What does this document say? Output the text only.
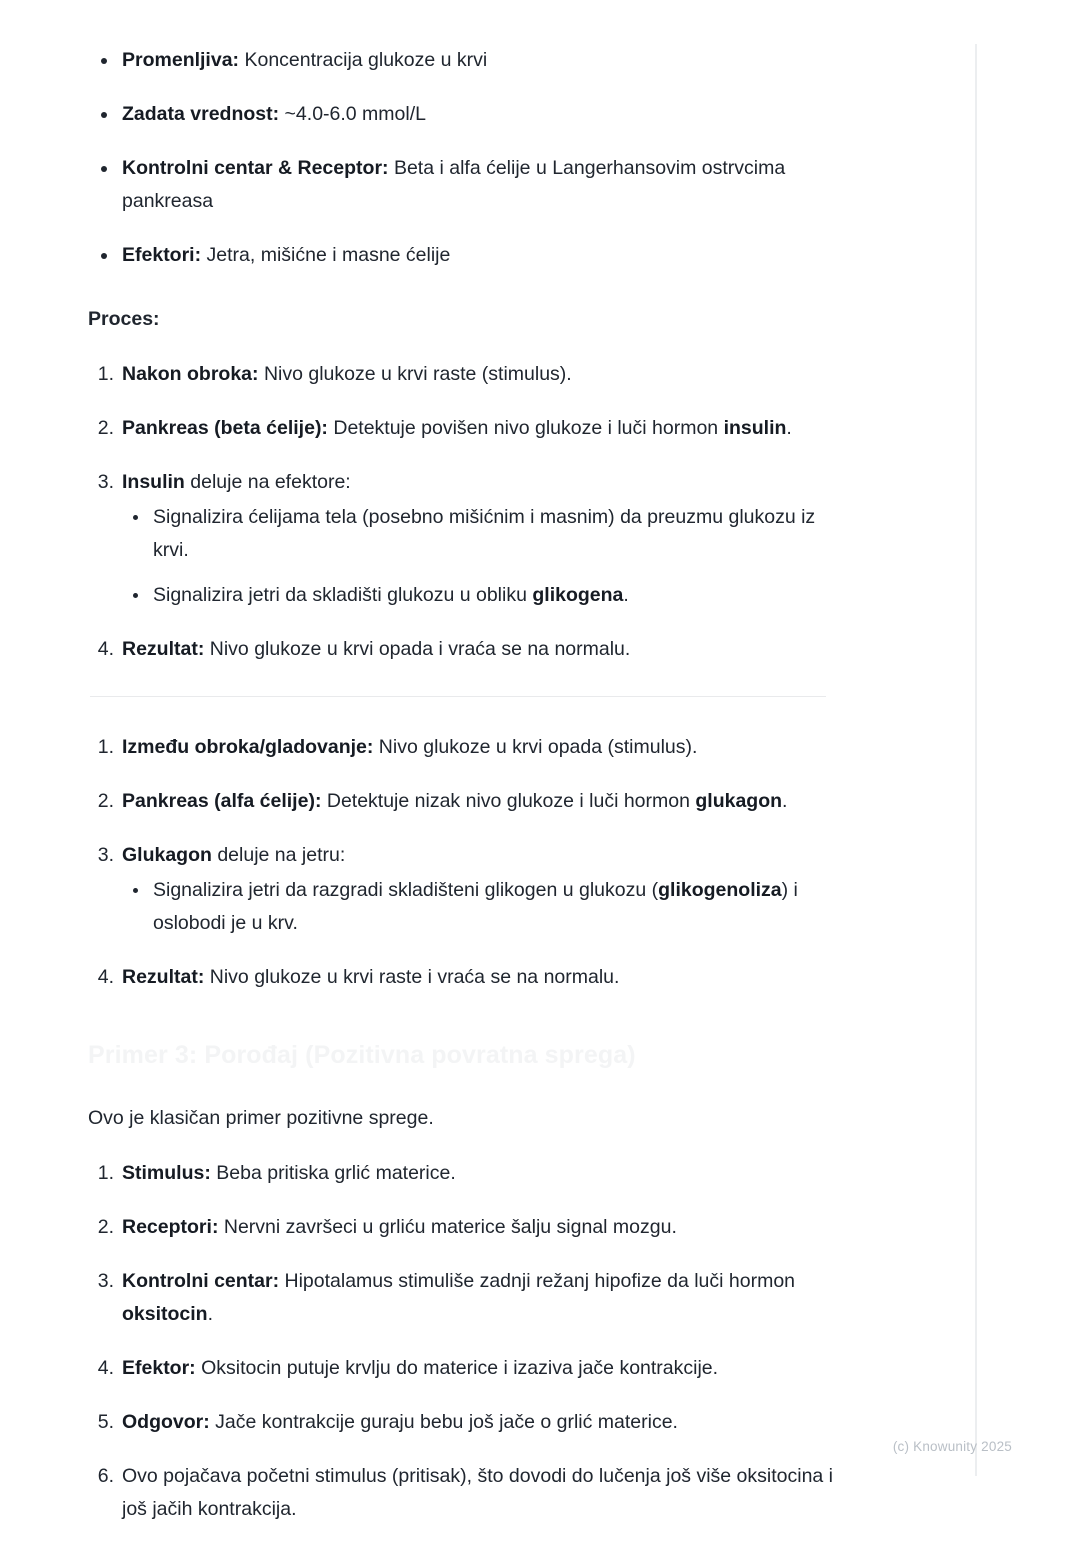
Promenljiva: Koncentracija glukoze u krvi
Zadata vrednost: ~4.0-6.0 mmol/L
Kontrolni centar & Receptor: Beta i alfa ćelije u Langerhansovim ostrvcima pankreasa
Efektori: Jetra, mišićne i masne ćelije

Proces:

Nakon obroka: Nivo glukoze u krvi raste (stimulus).
Pankreas (beta ćelije): Detektuje povišen nivo glukoze i luči hormon insulin.
Insulin deluje na efektore:
Signalizira ćelijama tela (posebno mišićnim i masnim) da preuzmu glukozu iz krvi.
Signalizira jetri da skladišti glukozu u obliku glikogena.
Rezultat: Nivo glukoze u krvi opada i vraća se na normalu.
Između obroka/gladovanje: Nivo glukoze u krvi opada (stimulus).
Pankreas (alfa ćelije): Detektuje nizak nivo glukoze i luči hormon glukagon.
Glukagon deluje na jetru:
Signalizira jetri da razgradi skladišteni glikogen u glukozu (glikogenoliza) i oslobodi je u krv.
Rezultat: Nivo glukoze u krvi raste i vraća se na normalu.
Primer 3: Porođaj (Pozitivna povratna sprega)

Ovo je klasičan primer pozitivne sprege.

Stimulus: Beba pritiska grlić materice.
Receptori: Nervni završeci u grliću materice šalju signal mozgu.
Kontrolni centar: Hipotalamus stimuliše zadnji režanj hipofize da luči hormon oksitocin.
Efektor: Oksitocin putuje krvlju do materice i izaziva jače kontrakcije.
Odgovor: Jače kontrakcije guraju bebu još jače o grlić materice.
Ovo pojačava početni stimulus (pritisak), što dovodi do lučenja još više oksitocina i još jačih kontrakcija.
(c) Knowunity 2025
